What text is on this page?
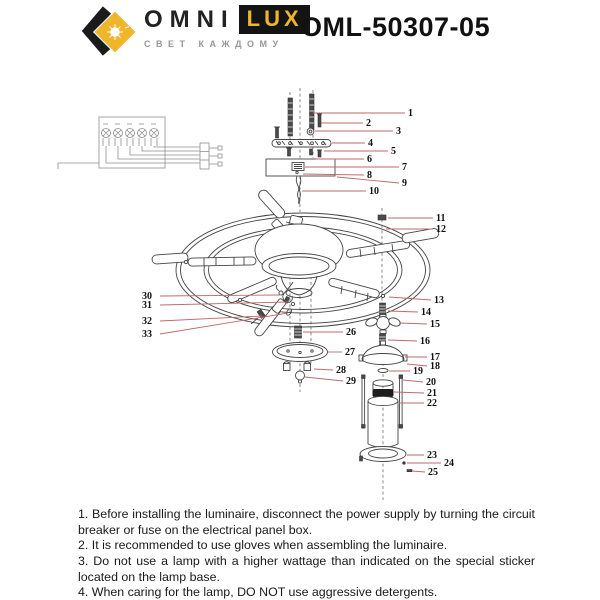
OMNI LUX
СВЕТ КАЖДОМУ
OML-50307-05
1
2
3
4
5
6
7
8
9
10
11
12
13
14
15
16
17
18
19
20
21
22
23
24
25
26
27
28
29
30
31
32
33

1. Before installing the luminaire, disconnect the power supply by turning the circuit breaker or fuse on the electrical panel box.

2. It is recommended to use gloves when assembling the luminaire.

3. Do not use a lamp with a higher wattage than indicated on the special sticker located on the lamp base.

4. When caring for the lamp, DO NOT use aggressive detergents.
